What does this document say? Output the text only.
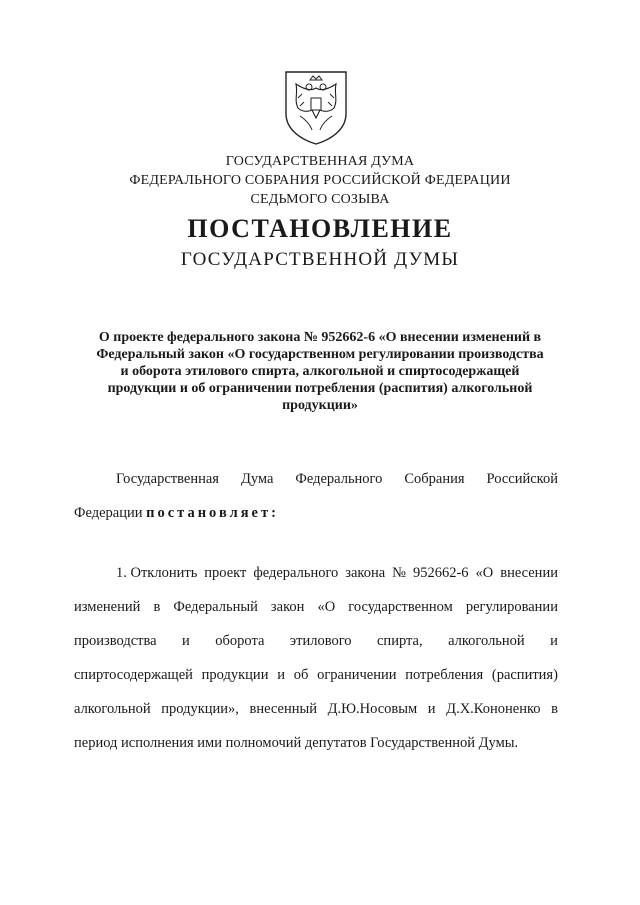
ГОСУДАРСТВЕННАЯ ДУМА
ФЕДЕРАЛЬНОГО СОБРАНИЯ РОССИЙСКОЙ ФЕДЕРАЦИИ
СЕДЬМОГО СОЗЫВА
ПОСТАНОВЛЕНИЕ
ГОСУДАРСТВЕННОЙ ДУМЫ
О проекте федерального закона № 952662-6 «О внесении изменений в
Федеральный закон «О государственном регулировании производства
и оборота этилового спирта, алкогольной и спиртосодержащей
продукции и об ограничении потребления (распития) алкогольной
продукции»
Государственная Дума Федерального Собрания Российской
Федерации постановляет:
1. Отклонить проект федерального закона № 952662-6 «О внесении
изменений в Федеральный закон «О государственном регулировании
производства и оборота этилового спирта, алкогольной и
спиртосодержащей продукции и об ограничении потребления (распития)
алкогольной продукции», внесенный Д.Ю.Носовым и Д.Х.Кононенко в
период исполнения ими полномочий депутатов Государственной Думы.
